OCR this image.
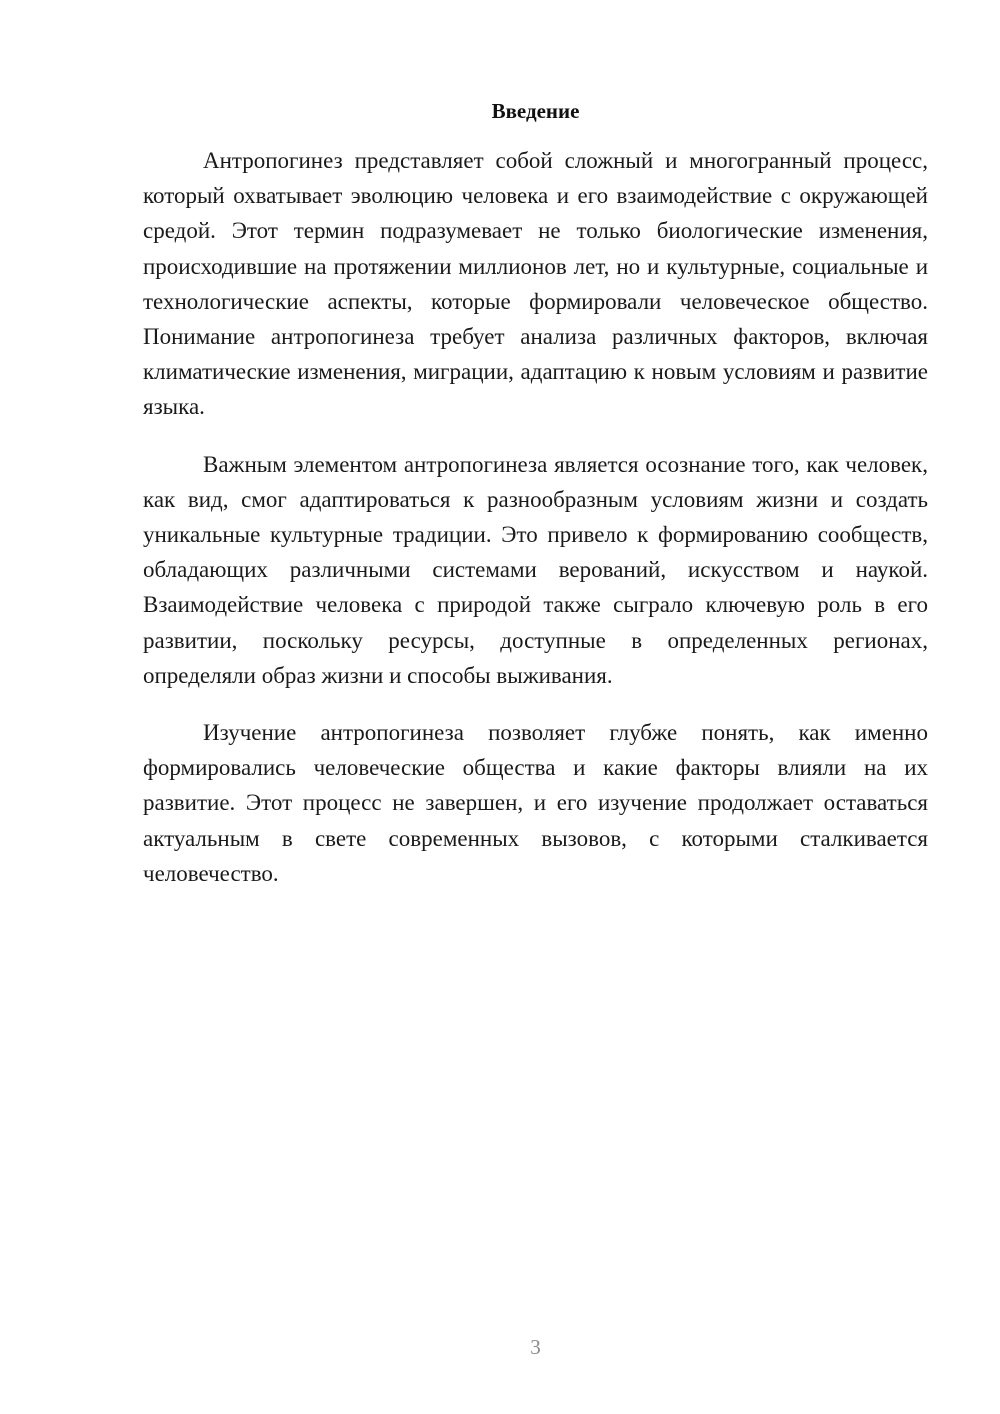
Введение

Антропогинез представляет собой сложный и многогранный процесс, который охватывает эволюцию человека и его взаимодействие с окружающей средой. Этот термин подразумевает не только биологические изменения, происходившие на протяжении миллионов лет, но и культурные, социальные и технологические аспекты, которые формировали человеческое общество. Понимание антропогинеза требует анализа различных факторов, включая климатические изменения, миграции, адаптацию к новым условиям и развитие языка.

Важным элементом антропогинеза является осознание того, как человек, как вид, смог адаптироваться к разнообразным условиям жизни и создать уникальные культурные традиции. Это привело к формированию сообществ, обладающих различными системами верований, искусством и наукой. Взаимодействие человека с природой также сыграло ключевую роль в его развитии, поскольку ресурсы, доступные в определенных регионах, определяли образ жизни и способы выживания.

Изучение антропогинеза позволяет глубже понять, как именно формировались человеческие общества и какие факторы влияли на их развитие. Этот процесс не завершен, и его изучение продолжает оставаться актуальным в свете современных вызовов, с которыми сталкивается человечество.

3
